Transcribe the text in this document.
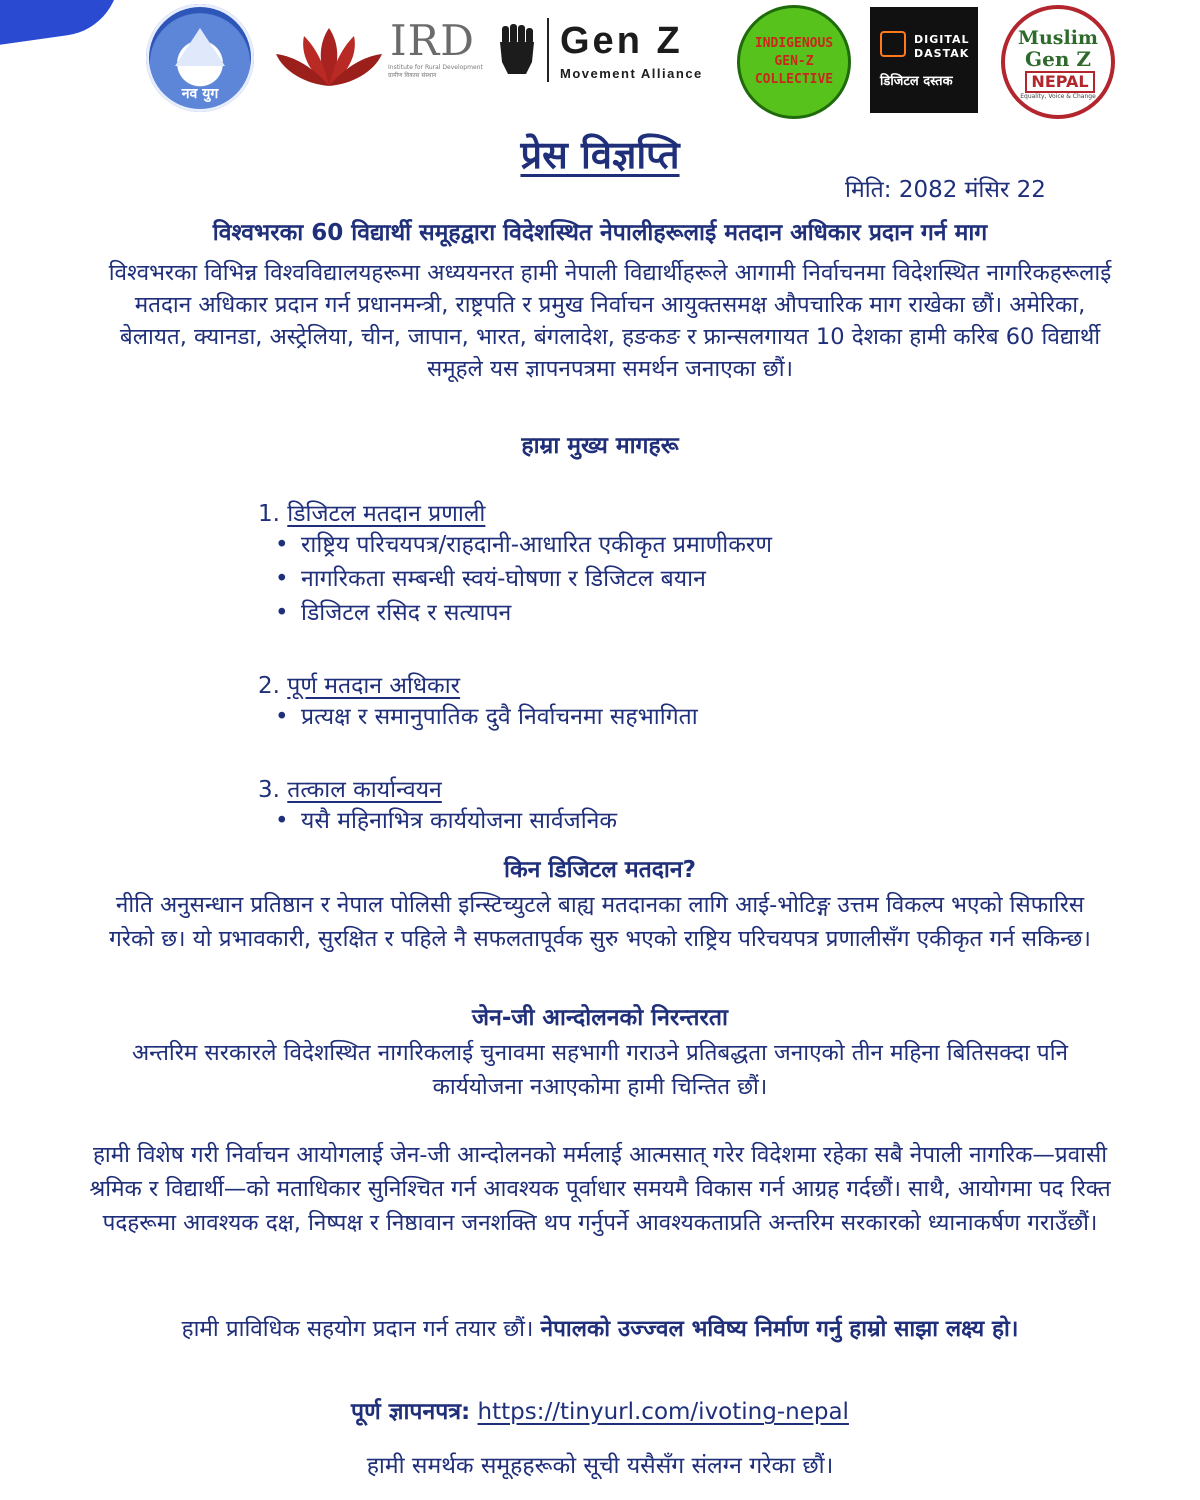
नव युग
IRD
Institute for Rural Development ग्रामीण विकास संस्थान
Gen Z
Movement Alliance
INDIGENOUS
GEN-Z
COLLECTIVE
DIGITAL
DASTAK
डिजिटल दस्तक
Muslim
Gen Z
NEPAL
Equality, Voice & Change
प्रेस विज्ञप्ति
मिति: 2082 मंसिर 22
विश्वभरका 60 विद्यार्थी समूहद्वारा विदेशस्थित नेपालीहरूलाई मतदान अधिकार प्रदान गर्न माग
विश्वभरका विभिन्न विश्वविद्यालयहरूमा अध्ययनरत हामी नेपाली विद्यार्थीहरूले आगामी निर्वाचनमा विदेशस्थित नागरिकहरूलाई मतदान अधिकार प्रदान गर्न प्रधानमन्त्री, राष्ट्रपति र प्रमुख निर्वाचन आयुक्तसमक्ष औपचारिक माग राखेका छौं। अमेरिका, बेलायत, क्यानडा, अस्ट्रेलिया, चीन, जापान, भारत, बंगलादेश, हङकङ र फ्रान्सलगायत 10 देशका हामी करिब 60 विद्यार्थी समूहले यस ज्ञापनपत्रमा समर्थन जनाएका छौं।
हाम्रा मुख्य मागहरू
1. डिजिटल मतदान प्रणाली
• राष्ट्रिय परिचयपत्र/राहदानी-आधारित एकीकृत प्रमाणीकरण
• नागरिकता सम्बन्धी स्वयं-घोषणा र डिजिटल बयान
• डिजिटल रसिद र सत्यापन
2. पूर्ण मतदान अधिकार
• प्रत्यक्ष र समानुपातिक दुवै निर्वाचनमा सहभागिता
3. तत्काल कार्यान्वयन
• यसै महिनाभित्र कार्ययोजना सार्वजनिक
किन डिजिटल मतदान?
नीति अनुसन्धान प्रतिष्ठान र नेपाल पोलिसी इन्स्टिच्युटले बाह्य मतदानका लागि आई-भोटिङ्ग उत्तम विकल्प भएको सिफारिस गरेको छ। यो प्रभावकारी, सुरक्षित र पहिले नै सफलतापूर्वक सुरु भएको राष्ट्रिय परिचयपत्र प्रणालीसँग एकीकृत गर्न सकिन्छ।
जेन-जी आन्दोलनको निरन्तरता
अन्तरिम सरकारले विदेशस्थित नागरिकलाई चुनावमा सहभागी गराउने प्रतिबद्धता जनाएको तीन महिना बितिसक्दा पनि कार्ययोजना नआएकोमा हामी चिन्तित छौं।
हामी विशेष गरी निर्वाचन आयोगलाई जेन-जी आन्दोलनको मर्मलाई आत्मसात् गरेर विदेशमा रहेका सबै नेपाली नागरिक—प्रवासी श्रमिक र विद्यार्थी—को मताधिकार सुनिश्चित गर्न आवश्यक पूर्वाधार समयमै विकास गर्न आग्रह गर्दछौं। साथै, आयोगमा पद रिक्त पदहरूमा आवश्यक दक्ष, निष्पक्ष र निष्ठावान जनशक्ति थप गर्नुपर्ने आवश्यकताप्रति अन्तरिम सरकारको ध्यानाकर्षण गराउँछौं।
हामी प्राविधिक सहयोग प्रदान गर्न तयार छौं। नेपालको उज्ज्वल भविष्य निर्माण गर्नु हाम्रो साझा लक्ष्य हो।
पूर्ण ज्ञापनपत्र: https://tinyurl.com/ivoting-nepal
हामी समर्थक समूहहरूको सूची यसैसँग संलग्न गरेका छौं।
